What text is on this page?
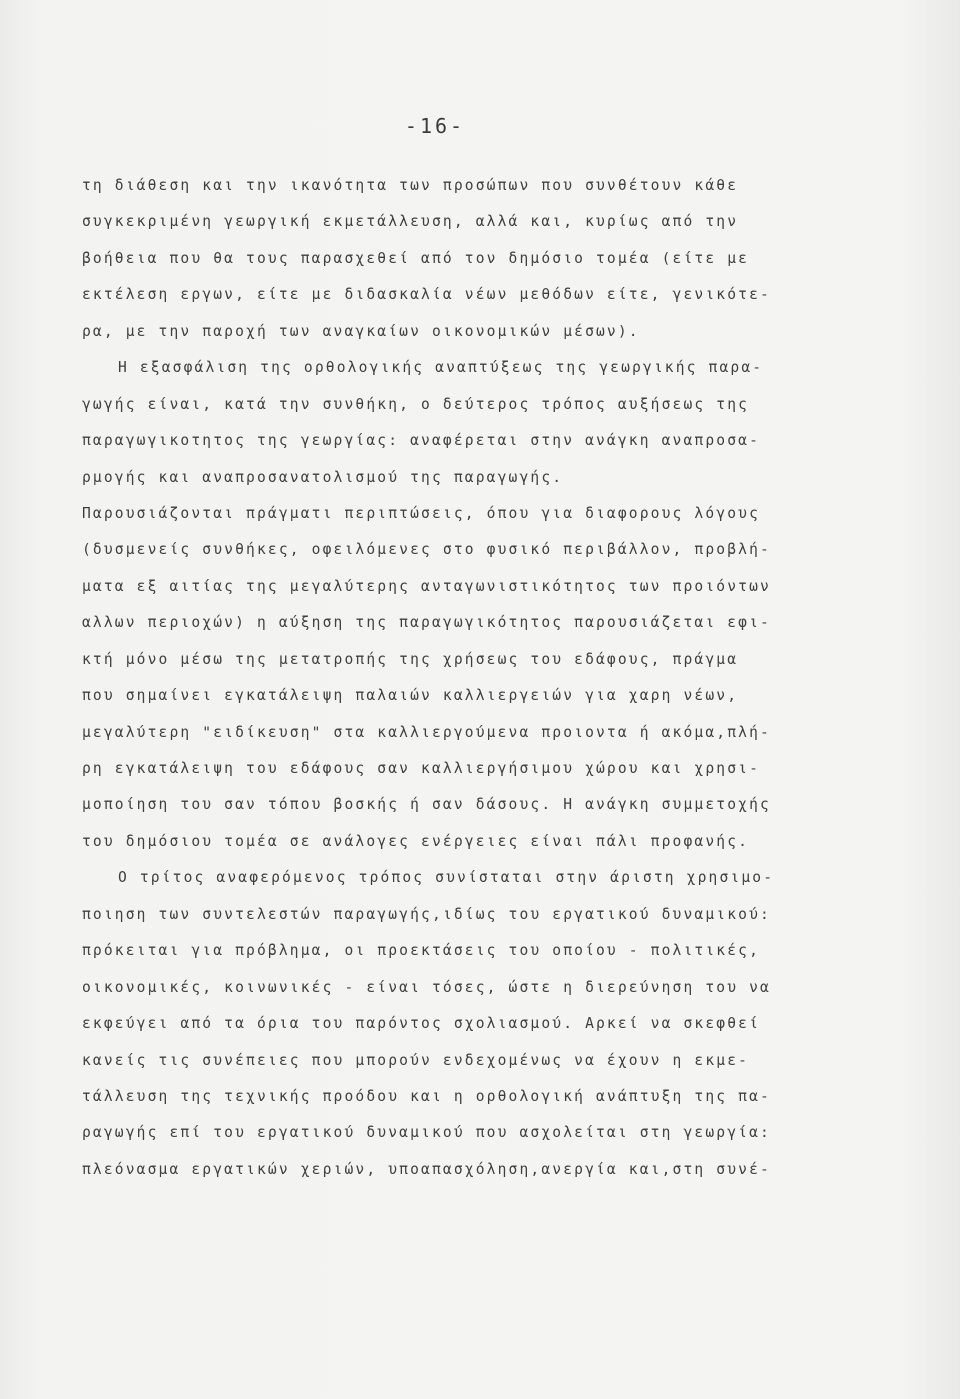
-16-
τη διάθεση και την ικανότητα των προσώπων που συνθέτουν κάθε
συγκεκριμένη γεωργική εκμετάλλευση, αλλά και, κυρίως από την
βοήθεια που θα τους παρασχεθεί από τον δημόσιο τομέα (είτε με
εκτέλεση εργων, είτε με διδασκαλία νέων μεθόδων είτε, γενικότε-
ρα, με την παροχή των αναγκαίων οικονομικών μέσων).
Η εξασφάλιση της ορθολογικής αναπτύξεως της γεωργικής παρα-
γωγής είναι, κατά την συνθήκη, ο δεύτερος τρόπος αυξήσεως της
παραγωγικοτητος της γεωργίας: αναφέρεται στην ανάγκη αναπροσα-
ρμογής και αναπροσανατολισμού της παραγωγής.
Παρουσιάζονται πράγματι περιπτώσεις, όπου για διαφορους λόγους
(δυσμενείς συνθήκες, οφειλόμενες στο φυσικό περιβάλλον, προβλή-
ματα εξ αιτίας της μεγαλύτερης ανταγωνιστικότητος των προιόντων
αλλων περιοχών) η αύξηση της παραγωγικότητος παρουσιάζεται εφι-
κτή μόνο μέσω της μετατροπής της χρήσεως του εδάφους, πράγμα
που σημαίνει εγκατάλειψη παλαιών καλλιεργειών για χαρη νέων,
μεγαλύτερη "ειδίκευση" στα καλλιεργούμενα προιοντα ή ακόμα,πλή-
ρη εγκατάλειψη του εδάφους σαν καλλιεργήσιμου χώρου και χρησι-
μοποίηση του σαν τόπου βοσκής ή σαν δάσους. Η ανάγκη συμμετοχής
του δημόσιου τομέα σε ανάλογες ενέργειες είναι πάλι προφανής.
Ο τρίτος αναφερόμενος τρόπος συνίσταται στην άριστη χρησιμο-
ποιηση των συντελεστών παραγωγής,ιδίως του εργατικού δυναμικού:
πρόκειται για πρόβλημα, οι προεκτάσεις του οποίου - πολιτικές,
οικονομικές, κοινωνικές - είναι τόσες, ώστε η διερεύνηση του να
εκφεύγει από τα όρια του παρόντος σχολιασμού. Αρκεί να σκεφθεί
κανείς τις συνέπειες που μπορούν ενδεχομένως να έχουν η εκμε-
τάλλευση της τεχνικής προόδου και η ορθολογική ανάπτυξη της πα-
ραγωγής επί του εργατικού δυναμικού που ασχολείται στη γεωργία:
πλεόνασμα εργατικών χεριών, υποαπασχόληση,ανεργία και,στη συνέ-
